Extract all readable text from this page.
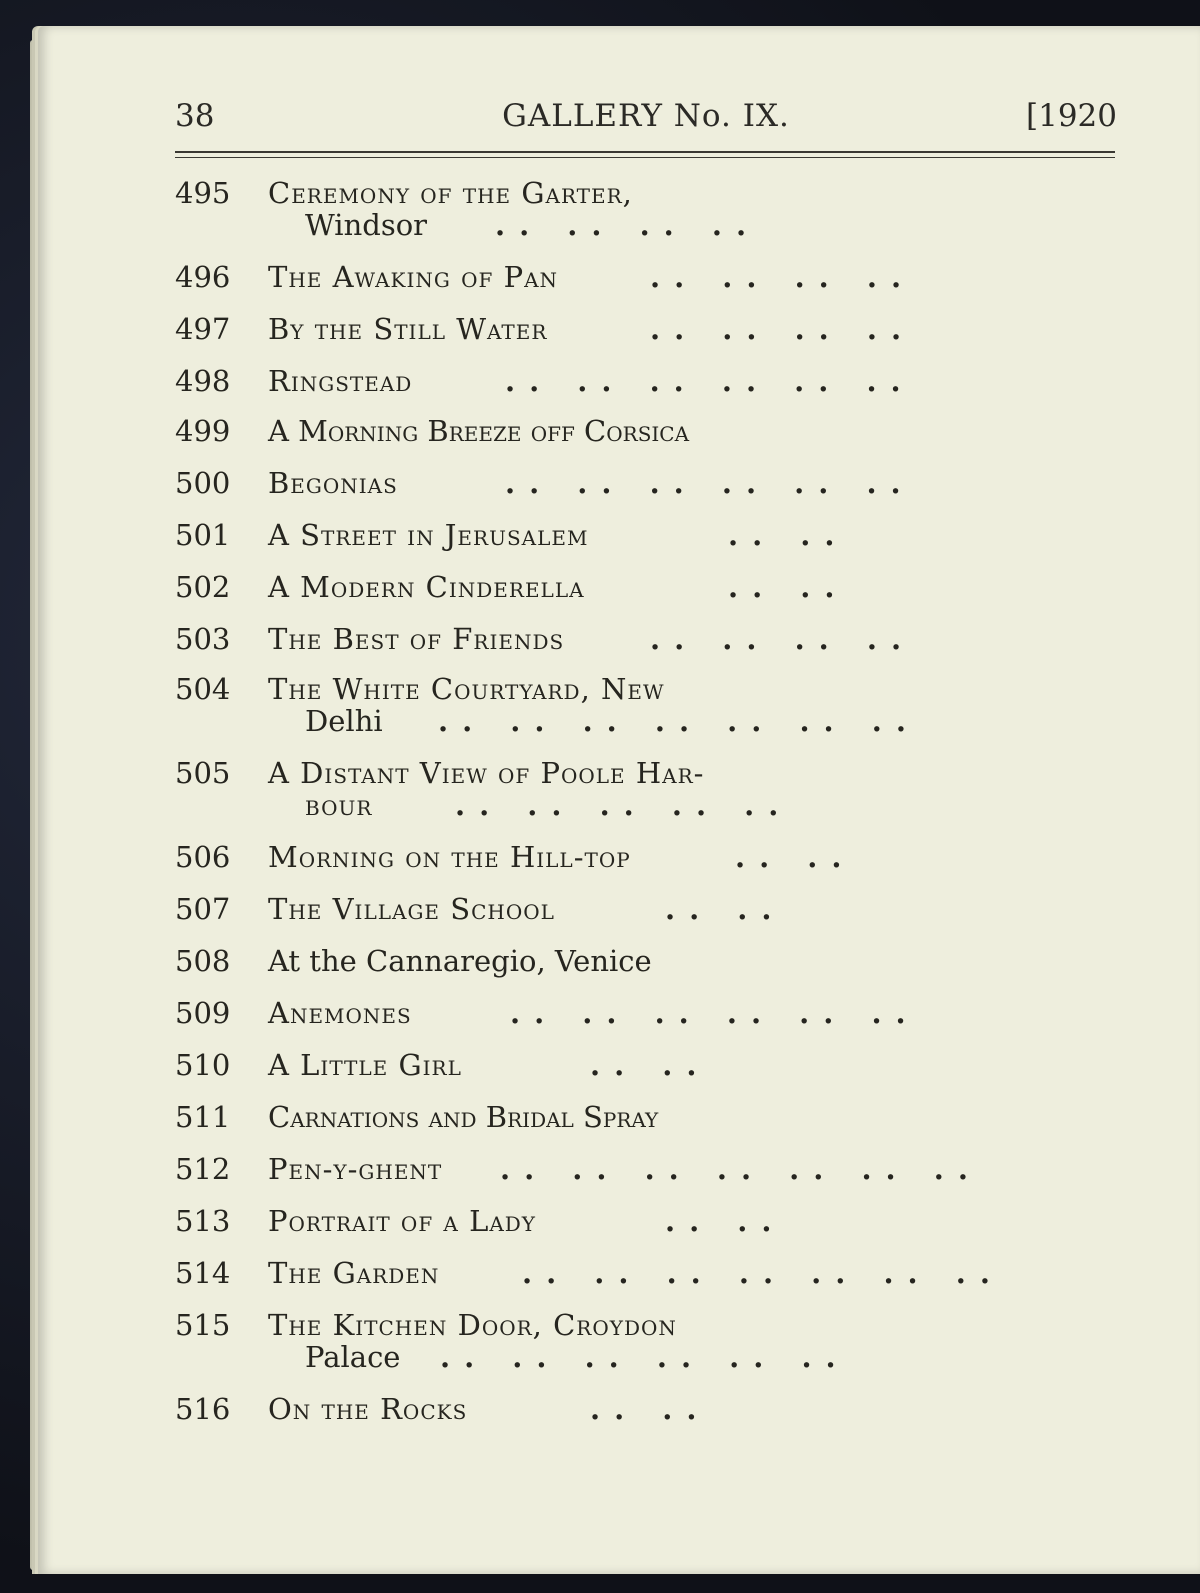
38	GALLERY No. IX.	[1920
495 Ceremony of the Garter,
Windsor .. .. .. ..
496 The Awaking of Pan	.. .. .. ..
497 By the Still Water	.. .. .. ..
498 Ringstead	.. .. .. .. .. ..
499 A Morning Breeze off Corsica
500 Begonias	.. .. .. .. .. ..
501 A Street in Jerusalem	.. ..
502 A Modern Cinderella	.. ..
503 The Best of Friends	.. .. .. ..
504 The White Courtyard, New
Delhi .. .. .. .. .. .. ..
505 A Distant View of Poole Har-
bour	.. .. .. .. ..
506 Morning on the Hill-top	.. ..
507 The Village School	.. ..
508 At the Cannaregio, Venice
509 Anemones	.. .. .. .. .. ..
510 A Little Girl	.. ..
511 Carnations and Bridal Spray
512 Pen-y-ghent .. .. .. .. .. .. ..
513 Portrait of a Lady	.. ..
514 The Garden	.. .. .. .. .. .. ..
515 The Kitchen Door, Croydon
Palace .. .. .. .. .. ..
516 On the Rocks	.. ..
